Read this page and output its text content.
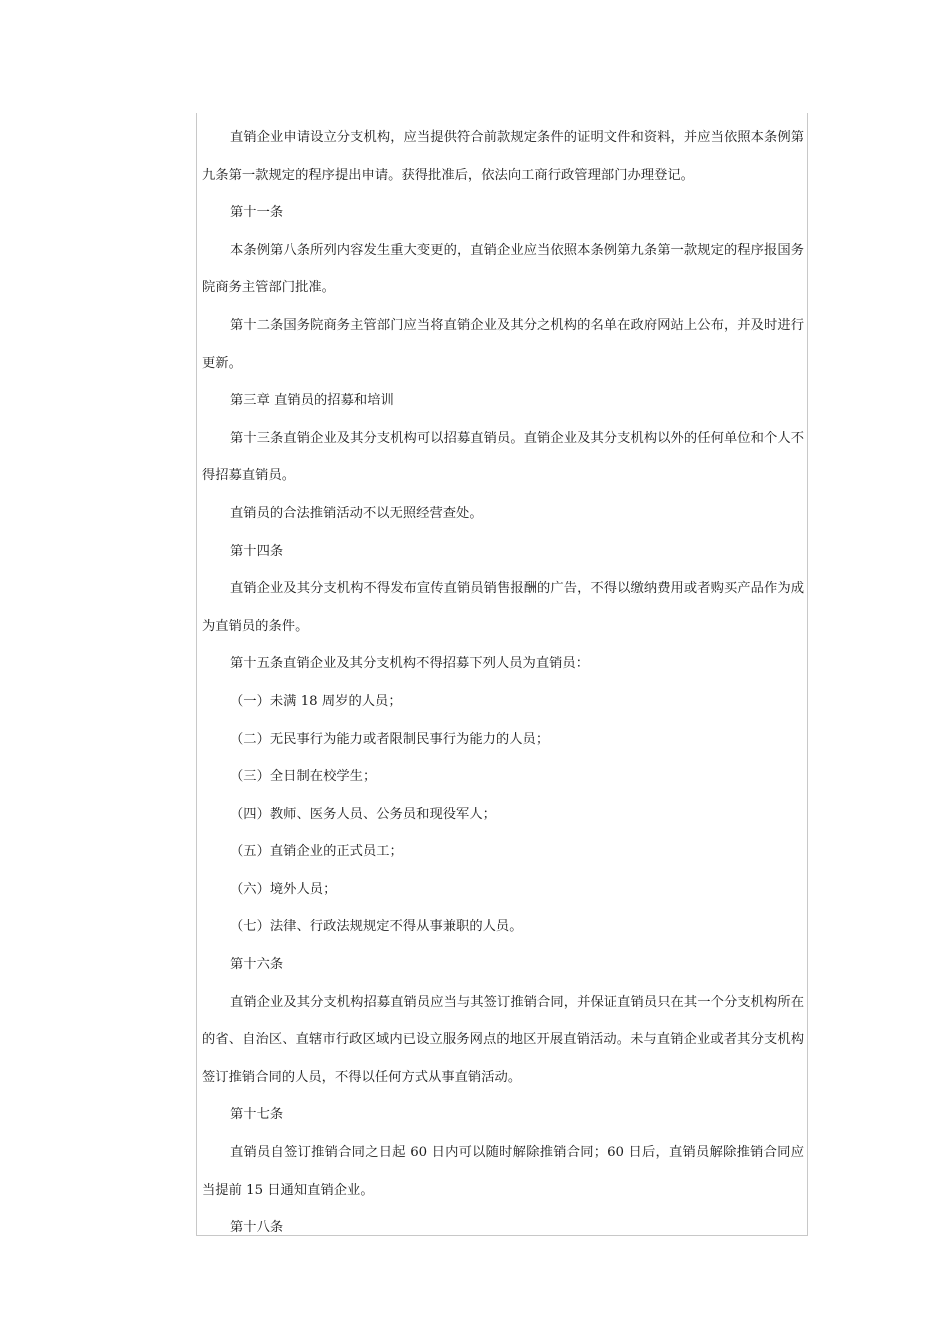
直销企业申请设立分支机构，应当提供符合前款规定条件的证明文件和资料，并应当依照本条例第九条第一款规定的程序提出申请。获得批准后，依法向工商行政管理部门办理登记。

第十一条

本条例第八条所列内容发生重大变更的，直销企业应当依照本条例第九条第一款规定的程序报国务院商务主管部门批准。

第十二条国务院商务主管部门应当将直销企业及其分之机构的名单在政府网站上公布，并及时进行更新。

第三章 直销员的招募和培训

第十三条直销企业及其分支机构可以招募直销员。直销企业及其分支机构以外的任何单位和个人不得招募直销员。

直销员的合法推销活动不以无照经营查处。

第十四条

直销企业及其分支机构不得发布宣传直销员销售报酬的广告，不得以缴纳费用或者购买产品作为成为直销员的条件。

第十五条直销企业及其分支机构不得招募下列人员为直销员：

（一）未满 18 周岁的人员；

（二）无民事行为能力或者限制民事行为能力的人员；

（三）全日制在校学生；

（四）教师、医务人员、公务员和现役军人；

（五）直销企业的正式员工；

（六）境外人员；

（七）法律、行政法规规定不得从事兼职的人员。

第十六条

直销企业及其分支机构招募直销员应当与其签订推销合同，并保证直销员只在其一个分支机构所在的省、自治区、直辖市行政区域内已设立服务网点的地区开展直销活动。未与直销企业或者其分支机构签订推销合同的人员，不得以任何方式从事直销活动。

第十七条

直销员自签订推销合同之日起 60 日内可以随时解除推销合同；60 日后，直销员解除推销合同应当提前 15 日通知直销企业。

第十八条
